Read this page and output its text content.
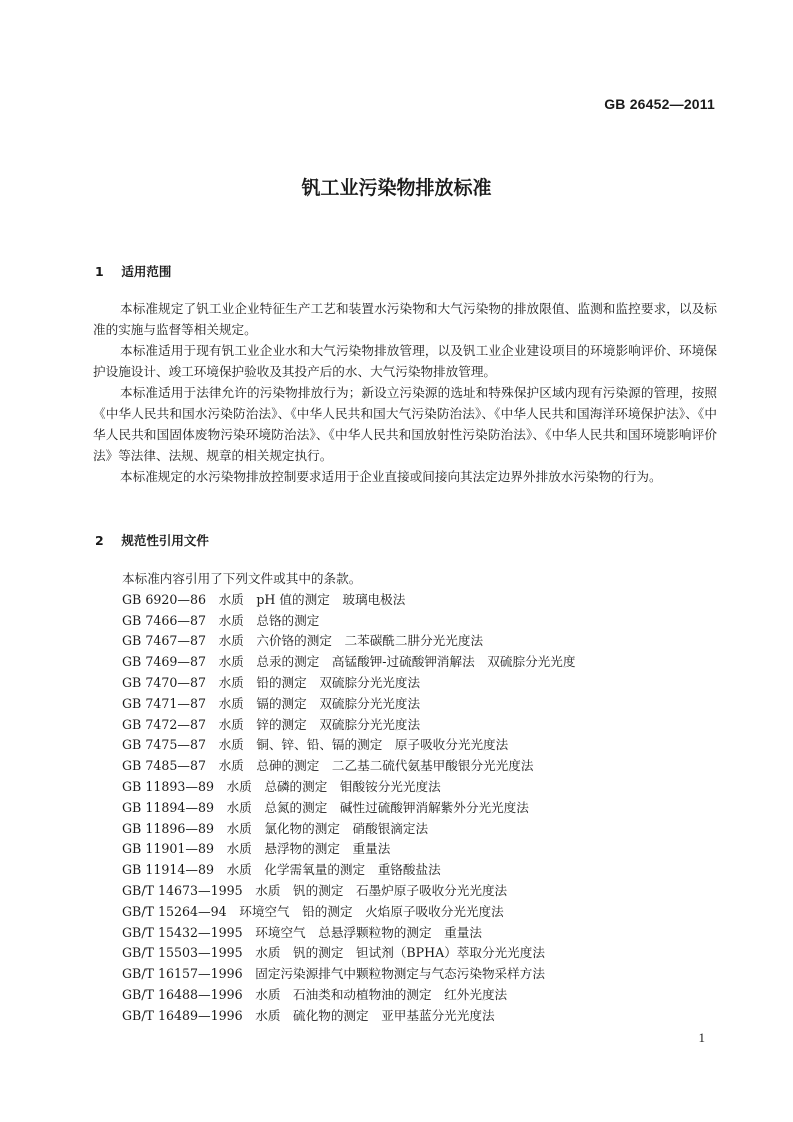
GB 26452—2011
钒工业污染物排放标准
1 适用范围

本标准规定了钒工业企业特征生产工艺和装置水污染物和大气污染物的排放限值、监测和监控要求，以及标准的实施与监督等相关规定。

本标准适用于现有钒工业企业水和大气污染物排放管理，以及钒工业企业建设项目的环境影响评价、环境保护设施设计、竣工环境保护验收及其投产后的水、大气污染物排放管理。

本标准适用于法律允许的污染物排放行为；新设立污染源的选址和特殊保护区域内现有污染源的管理，按照《中华人民共和国水污染防治法》、《中华人民共和国大气污染防治法》、《中华人民共和国海洋环境保护法》、《中华人民共和国固体废物污染环境防治法》、《中华人民共和国放射性污染防治法》、《中华人民共和国环境影响评价法》等法律、法规、规章的相关规定执行。

本标准规定的水污染物排放控制要求适用于企业直接或间接向其法定边界外排放水污染物的行为。

2 规范性引用文件
本标准内容引用了下列文件或其中的条款。
GB 6920—86　水质　pH 值的测定　玻璃电极法
GB 7466—87　水质　总铬的测定
GB 7467—87　水质　六价铬的测定　二苯碳酰二肼分光光度法
GB 7469—87　水质　总汞的测定　高锰酸钾-过硫酸钾消解法　双硫腙分光光度
GB 7470—87　水质　铅的测定　双硫腙分光光度法
GB 7471—87　水质　镉的测定　双硫腙分光光度法
GB 7472—87　水质　锌的测定　双硫腙分光光度法
GB 7475—87　水质　铜、锌、铅、镉的测定　原子吸收分光光度法
GB 7485—87　水质　总砷的测定　二乙基二硫代氨基甲酸银分光光度法
GB 11893—89　水质　总磷的测定　钼酸铵分光光度法
GB 11894—89　水质　总氮的测定　碱性过硫酸钾消解紫外分光光度法
GB 11896—89　水质　氯化物的测定　硝酸银滴定法
GB 11901—89　水质　悬浮物的测定　重量法
GB 11914—89　水质　化学需氧量的测定　重铬酸盐法
GB/T 14673—1995　水质　钒的测定　石墨炉原子吸收分光光度法
GB/T 15264—94　环境空气　铅的测定　火焰原子吸收分光光度法
GB/T 15432—1995　环境空气　总悬浮颗粒物的测定　重量法
GB/T 15503—1995　水质　钒的测定　钽试剂（BPHA）萃取分光光度法
GB/T 16157—1996　固定污染源排气中颗粒物测定与气态污染物采样方法
GB/T 16488—1996　水质　石油类和动植物油的测定　红外光度法
GB/T 16489—1996　水质　硫化物的测定　亚甲基蓝分光光度法
1
